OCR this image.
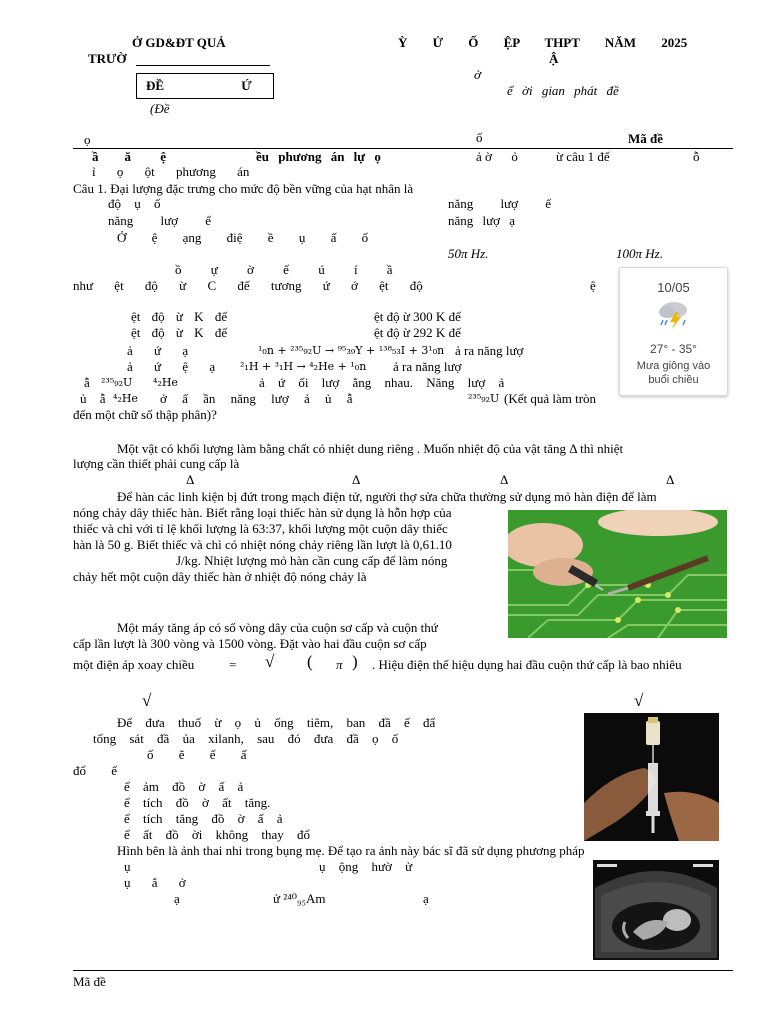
Ở GD&ĐT QUẢ
TRƯỜ
Ỳ Ử Ố ỆP THPT NĂM 2025
ở
Ậ
ể ời gian phát đề
ĐỀ Ứ
(Đề
ọ	ố	Mã đề
ầ        ă         ệ	ều phương án lự ọ	ả ờ      ỏ	ừ câu 1 đế	ỗ
ỉ ọ ột phương án
Câu 1. Đại lượng đặc trưng cho mức độ bền vững của hạt nhân là
độ ụ ố	năng lượ ế
năng lượ ế	năng lượ ạ
Ở ệ ạng điệ ề ụ ấ ố
50π Hz.	100π Hz.
ồ ự ờ ế ú í ầ
như ệt độ ừ C đế tương ứ ớ ệt độ	ệ
ệt độ ừ K đế	ệt độ ừ 300 K đế
ệt độ ừ K đế	ệt độ ừ 292 K đế
10/05
27° - 35°
Mưa giông vào
buổi chiều
ả ứ ạ	¹₀n + ²³⁵₉₂U → ⁹⁵₃₉Y + ¹³⁸₅₃I + 3¹₀n ả ra năng lượ
ả ứ ệ ạ ²₁H + ³₁H → ⁴₂He + ¹₀n ả ra năng lượ
ẫ ²³⁵₉₂U ⁴₂He	ả ứ ối lượ ằng nhau. Năng lượ ả
ủ ẫ ⁴₂He ở ấ ần năng lượ ả ủ ẫ	²³⁵₉₂U (Kết quả làm tròn
đến một chữ số thập phân)?
Một vật có khối lượng làm bằng chất có nhiệt dung riêng . Muốn nhiệt độ của vật tăng Δ thì nhiệt
lượng cần thiết phải cung cấp là
Δ	Δ	Δ	Δ
Để hàn các linh kiện bị đứt trong mạch điện tử, người thợ sửa chữa thường sử dụng mỏ hàn điện để làm
nóng chảy dây thiếc hàn. Biết rằng loại thiếc hàn sử dụng là hỗn hợp của
thiếc và chì với tỉ lệ khối lượng là 63:37, khối lượng một cuộn dây thiếc
hàn là 50 g. Biết thiếc và chì có nhiệt nóng chảy riêng lần lượt là 0,61.10
J/kg. Nhiệt lượng mỏ hàn cần cung cấp để làm nóng
chảy hết một cuộn dây thiếc hàn ở nhiệt độ nóng chảy là
Một máy tăng áp có số vòng dây của cuộn sơ cấp và cuộn thứ
cấp lần lượt là 300 vòng và 1500 vòng. Đặt vào hai đầu cuộn sơ cấp
một điện áp xoay chiều	= √ ( π ) . Hiệu điện thế hiệu dụng hai đầu cuộn thứ cấp là bao nhiêu
√	√
Để đưa thuố ừ ọ ủ ống tiêm, ban đầ ế đẩ
tổng sát đầ ủa xilanh, sau đó đưa đầ ọ ố
ố ẽ ể ấ
đổ ế
ể ảm đồ ờ ấ ả
ể tích đồ ờ ất tăng.
ể tích tăng đồ ờ ấ ả
ể ất đồ ời không thay đổ
Hình bên là ảnh thai nhi trong bụng mẹ. Để tạo ra ảnh này bác sĩ đã sử dụng phương pháp
ụ	ụ ộng hườ ử
ụ ắ ở
ạ	ử ²⁴⁰₉₅Am	ạ
Mã đề
